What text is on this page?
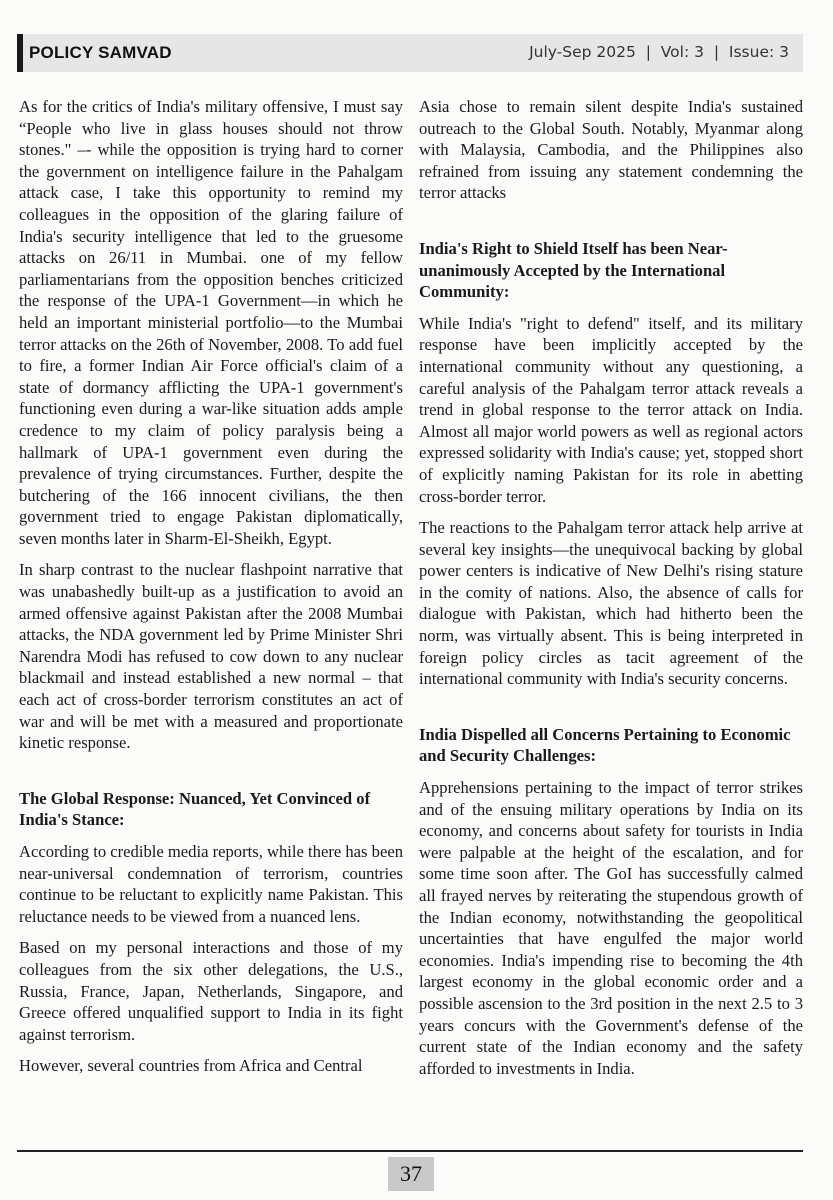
POLICY SAMVAD	July-Sep 2025  |  Vol: 3  |  Issue: 3

As for the critics of India's military offensive, I must say “People who live in glass houses should not throw stones." –- while the opposition is trying hard to corner the government on intelligence failure in the Pahalgam attack case, I take this opportunity to remind my colleagues in the opposition of the glaring failure of India's security intelligence that led to the gruesome attacks on 26/11 in Mumbai. one of my fellow parliamentarians from the opposition benches criticized the response of the UPA-1 Government—in which he held an important ministerial portfolio—to the Mumbai terror attacks on the 26th of November, 2008. To add fuel to fire, a former Indian Air Force official's claim of a state of dormancy afflicting the UPA-1 government's functioning even during a war-like situation adds ample credence to my claim of policy paralysis being a hallmark of UPA-1 government even during the prevalence of trying circumstances. Further, despite the butchering of the 166 innocent civilians, the then government tried to engage Pakistan diplomatically, seven months later in Sharm-El-Sheikh, Egypt.

In sharp contrast to the nuclear flashpoint narrative that was unabashedly built-up as a justification to avoid an armed offensive against Pakistan after the 2008 Mumbai attacks, the NDA government led by Prime Minister Shri Narendra Modi has refused to cow down to any nuclear blackmail and instead established a new normal – that each act of cross-border terrorism constitutes an act of war and will be met with a measured and proportionate kinetic response.

The Global Response: Nuanced, Yet Convinced of India's Stance:

According to credible media reports, while there has been near-universal condemnation of terrorism, countries continue to be reluctant to explicitly name Pakistan. This reluctance needs to be viewed from a nuanced lens.

Based on my personal interactions and those of my colleagues from the six other delegations, the U.S., Russia, France, Japan, Netherlands, Singapore, and Greece offered unqualified support to India in its fight against terrorism.

However, several countries from Africa and Central

Asia chose to remain silent despite India's sustained outreach to the Global South. Notably, Myanmar along with Malaysia, Cambodia, and the Philippines also refrained from issuing any statement condemning the terror attacks

India's Right to Shield Itself has been Near-unanimously Accepted by the International Community:

While India's "right to defend" itself, and its military response have been implicitly accepted by the international community without any questioning, a careful analysis of the Pahalgam terror attack reveals a trend in global response to the terror attack on India. Almost all major world powers as well as regional actors expressed solidarity with India's cause; yet, stopped short of explicitly naming Pakistan for its role in abetting cross-border terror.

The reactions to the Pahalgam terror attack help arrive at several key insights—the unequivocal backing by global power centers is indicative of New Delhi's rising stature in the comity of nations. Also, the absence of calls for dialogue with Pakistan, which had hitherto been the norm, was virtually absent. This is being interpreted in foreign policy circles as tacit agreement of the international community with India's security concerns.

India Dispelled all Concerns Pertaining to Economic and Security Challenges:

Apprehensions pertaining to the impact of terror strikes and of the ensuing military operations by India on its economy, and concerns about safety for tourists in India were palpable at the height of the escalation, and for some time soon after. The GoI has successfully calmed all frayed nerves by reiterating the stupendous growth of the Indian economy, notwithstanding the geopolitical uncertainties that have engulfed the major world economies. India's impending rise to becoming the 4th largest economy in the global economic order and a possible ascension to the 3rd position in the next 2.5 to 3 years concurs with the Government's defense of the current state of the Indian economy and the safety afforded to investments in India.

37
